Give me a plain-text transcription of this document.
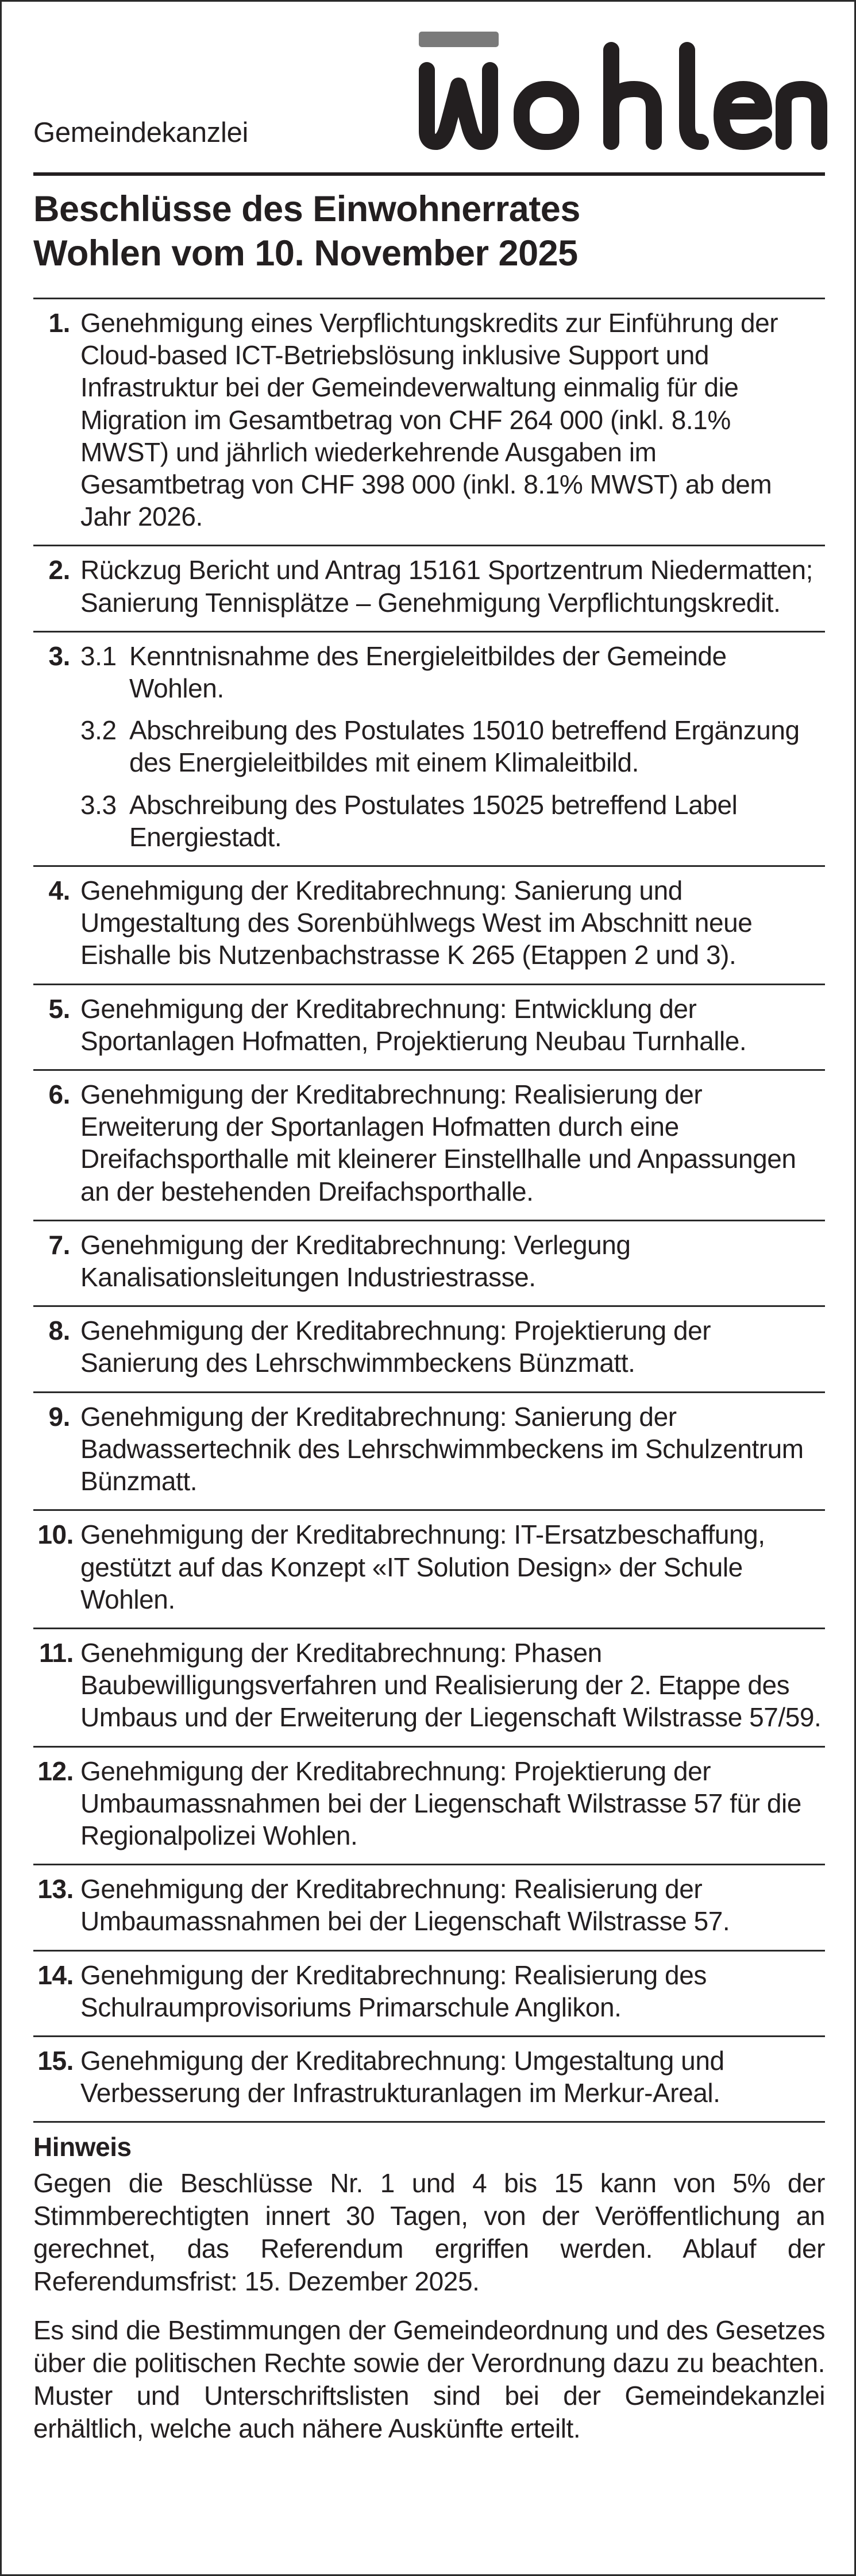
Gemeindekanzlei
Beschlüsse des Einwohnerrates
Wohlen vom 10. November 2025
1. Genehmigung eines Verpflichtungskredits zur Einführung der Cloud-based ICT-Betriebslösung inklusive Support und Infrastruktur bei der Gemeindeverwaltung einmalig für die Migration im Gesamtbetrag von CHF 264 000 (inkl. 8.1% MWST) und jährlich wiederkehrende Ausgaben im Gesamtbetrag von CHF 398 000 (inkl. 8.1% MWST) ab dem Jahr 2026.
2. Rückzug Bericht und Antrag 15161 Sportzentrum Niedermatten; Sanierung Tennisplätze – Genehmigung Verpflichtungskredit.
3. 3.1 Kenntnisnahme des Energieleitbildes der Gemeinde Wohlen.
3.2 Abschreibung des Postulates 15010 betreffend Ergänzung des Energieleitbildes mit einem Klimaleitbild.
3.3 Abschreibung des Postulates 15025 betreffend Label Energiestadt.
4. Genehmigung der Kreditabrechnung: Sanierung und Umgestaltung des Sorenbühlwegs West im Abschnitt neue Eishalle bis Nutzenbachstrasse K 265 (Etappen 2 und 3).
5. Genehmigung der Kreditabrechnung: Entwicklung der Sportanlagen Hofmatten, Projektierung Neubau Turnhalle.
6. Genehmigung der Kreditabrechnung: Realisierung der Erweiterung der Sportanlagen Hofmatten durch eine Dreifachsporthalle mit kleinerer Einstellhalle und Anpassungen an der bestehenden Dreifachsporthalle.
7. Genehmigung der Kreditabrechnung: Verlegung Kanalisationsleitungen Industriestrasse.
8. Genehmigung der Kreditabrechnung: Projektierung der Sanierung des Lehrschwimmbeckens Bünzmatt.
9. Genehmigung der Kreditabrechnung: Sanierung der Badwassertechnik des Lehrschwimmbeckens im Schulzentrum Bünzmatt.
10. Genehmigung der Kreditabrechnung: IT-Ersatzbeschaffung, gestützt auf das Konzept «IT Solution Design» der Schule Wohlen.
11. Genehmigung der Kreditabrechnung: Phasen Baubewilligungsverfahren und Realisierung der 2. Etappe des Umbaus und der Erweiterung der Liegenschaft Wilstrasse 57/59.
12. Genehmigung der Kreditabrechnung: Projektierung der Umbaumassnahmen bei der Liegenschaft Wilstrasse 57 für die Regionalpolizei Wohlen.
13. Genehmigung der Kreditabrechnung: Realisierung der Umbaumassnahmen bei der Liegenschaft Wilstrasse 57.
14. Genehmigung der Kreditabrechnung: Realisierung des Schulraumprovisoriums Primarschule Anglikon.
15. Genehmigung der Kreditabrechnung: Umgestaltung und Verbesserung der Infrastrukturanlagen im Merkur-Areal.
Hinweis

Gegen die Beschlüsse Nr. 1 und 4 bis 15 kann von 5% der Stimmberechtigten innert 30 Tagen, von der Veröffentlichung an gerechnet, das Referendum ergriffen werden. Ablauf der Referendumsfrist: 15. Dezember 2025.

Es sind die Bestimmungen der Gemeindeordnung und des Gesetzes über die politischen Rechte sowie der Verordnung dazu zu beachten. Muster und Unterschriftslisten sind bei der Gemeindekanzlei erhältlich, welche auch nähere Auskünfte erteilt.
